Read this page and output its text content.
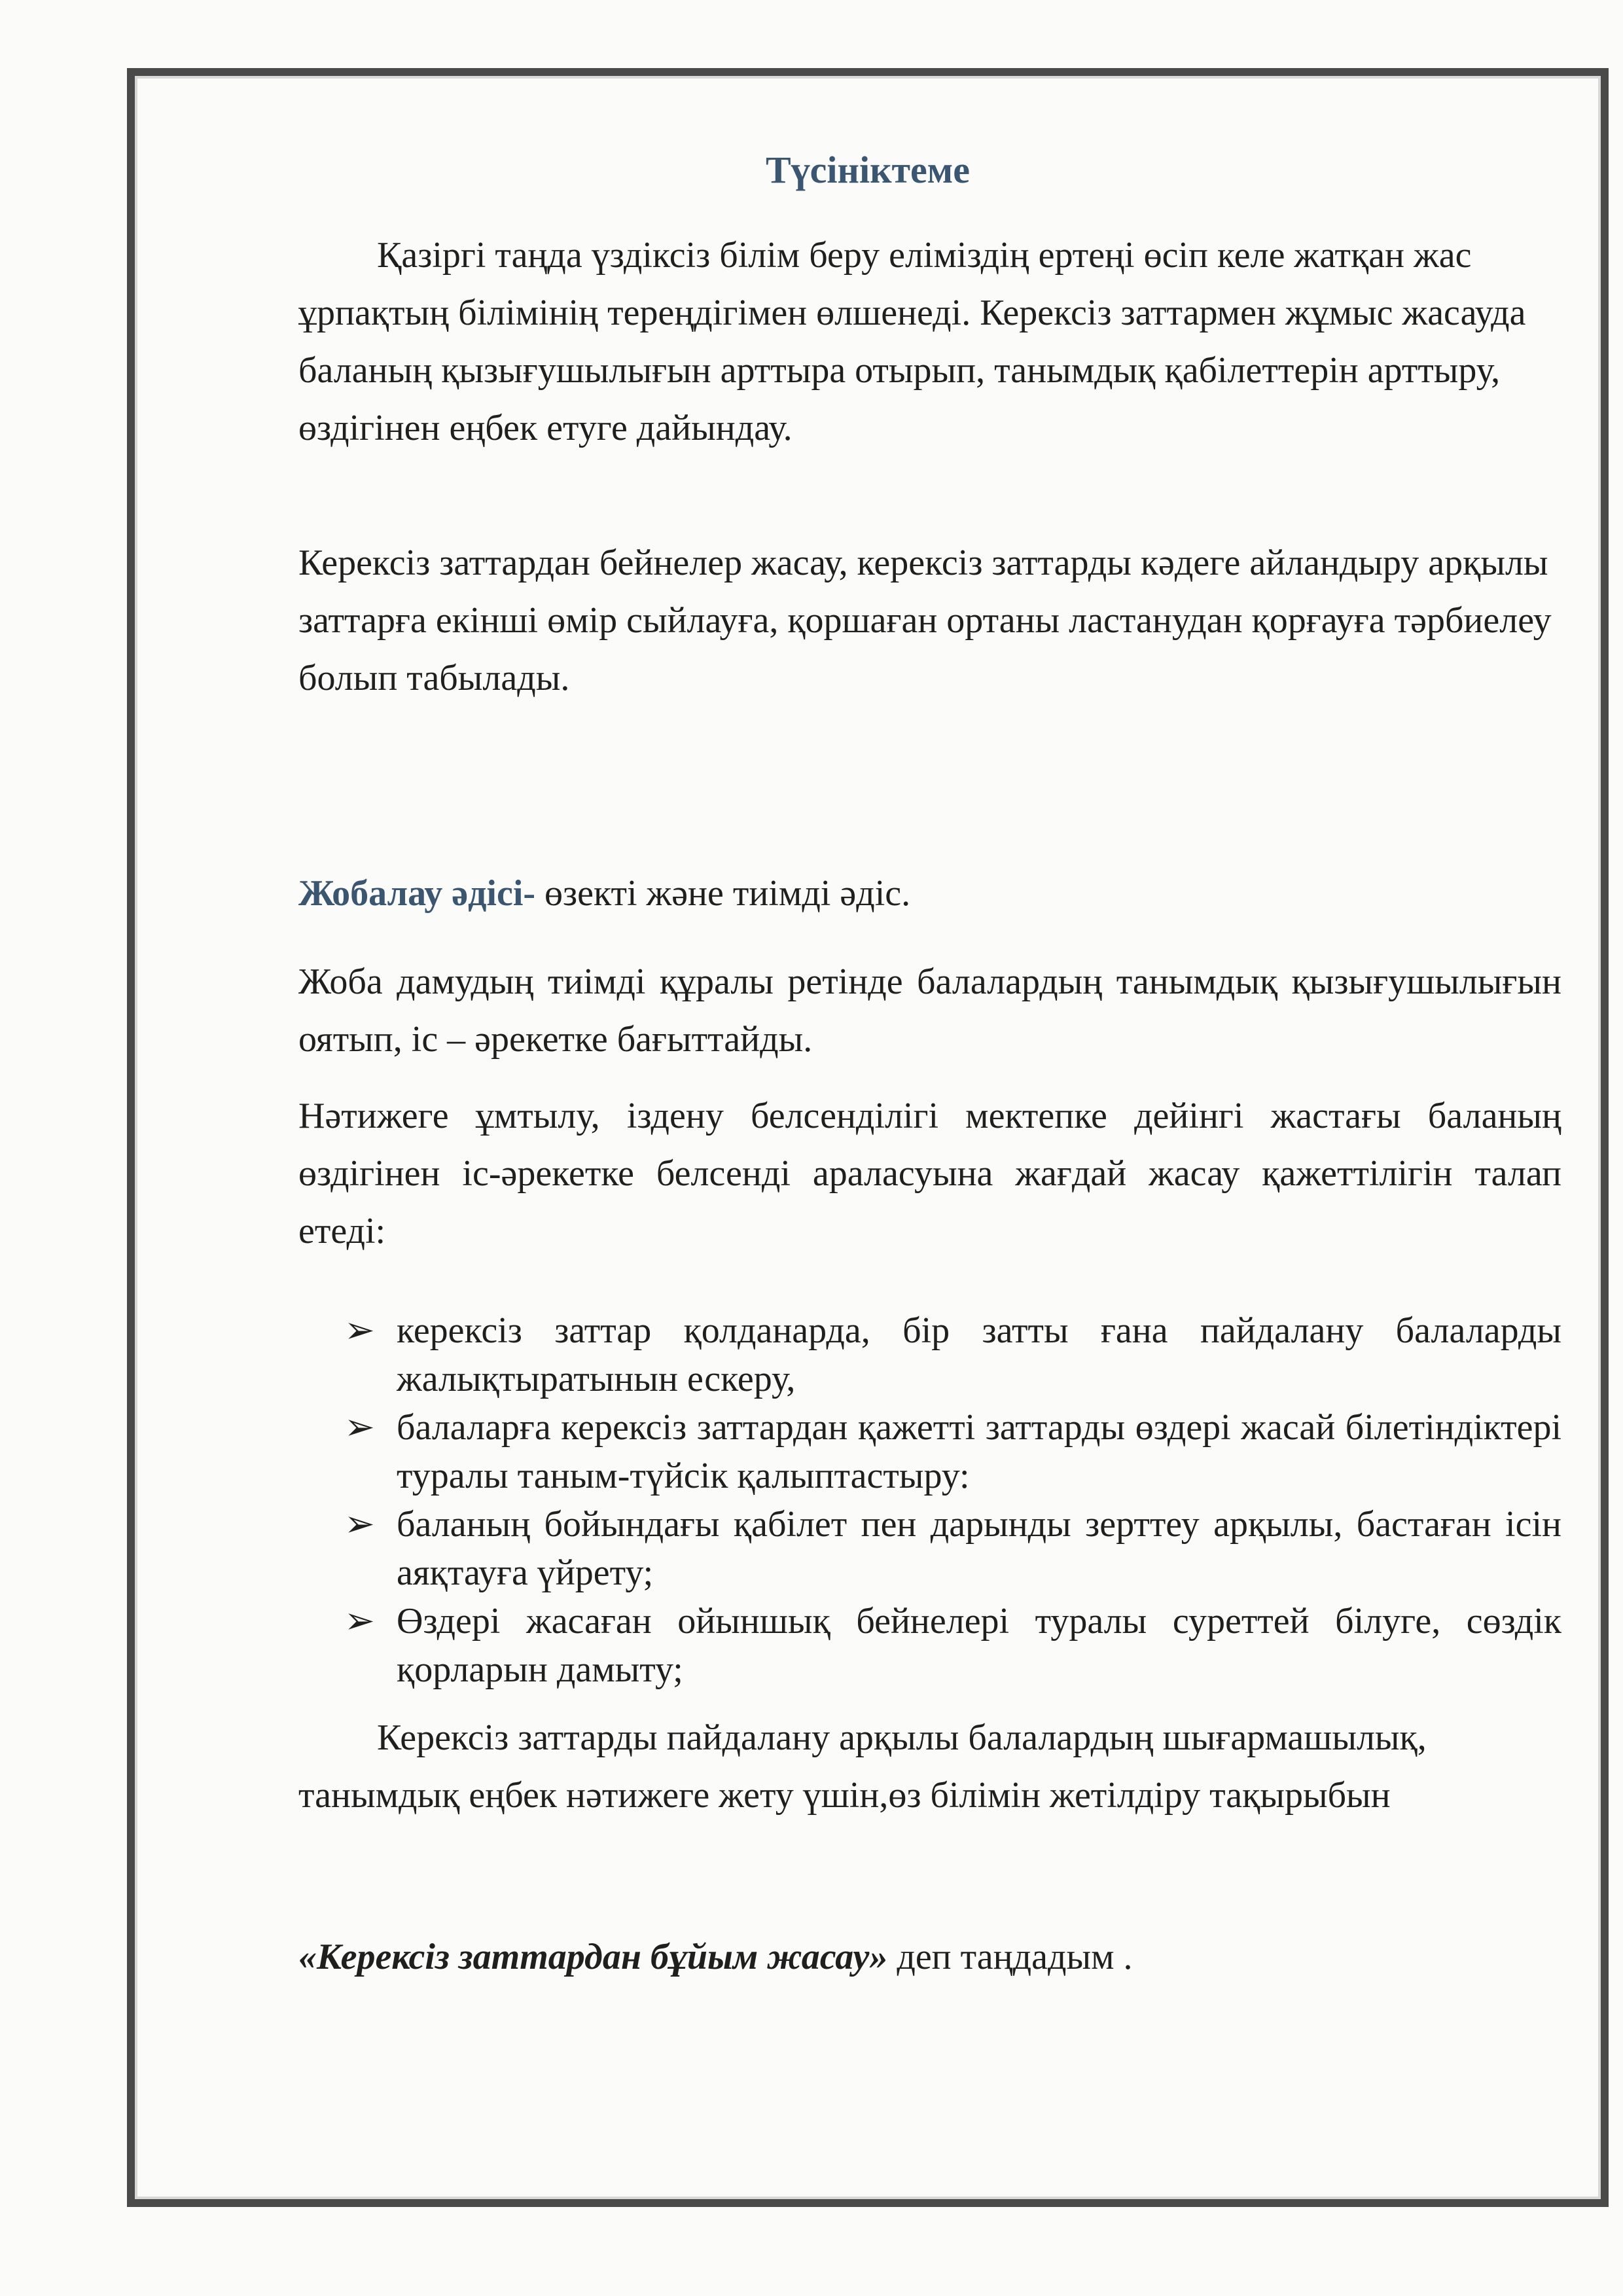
Түсініктеме

Қазіргі таңда үздіксіз білім беру еліміздің ертеңі өсіп келе жатқан жас ұрпақтың білімінің тереңдігімен өлшенеді. Керексіз заттармен жұмыс жасауда баланың қызығушылығын арттыра отырып, танымдық қабілеттерін арттыру, өздігінен еңбек етуге дайындау.

Керексіз заттардан бейнелер жасау, керексіз заттарды кәдеге айландыру арқылы заттарға екінші өмір сыйлауға, қоршаған ортаны ластанудан қорғауға тәрбиелеу болып табылады.

Жобалау әдісі- өзекті және тиімді әдіс.

Жоба дамудың тиімді құралы ретінде балалардың танымдық қызығушылығын оятып, іс – әрекетке бағыттайды.

Нәтижеге ұмтылу, іздену белсенділігі мектепке дейінгі жастағы баланың өздігінен іс-әрекетке белсенді араласуына жағдай жасау қажеттілігін талап етеді:

➢ керексіз заттар қолданарда, бір затты ғана пайдалану балаларды жалықтыратынын ескеру,
➢ балаларға керексіз заттардан қажетті заттарды өздері жасай білетіндіктері туралы таным-түйсік қалыптастыру:
➢ баланың бойындағы қабілет пен дарынды зерттеу арқылы, бастаған ісін аяқтауға үйрету;
➢ Өздері жасаған ойыншық бейнелері туралы суреттей білуге, сөздік қорларын дамыту;

Керексіз заттарды пайдалану арқылы балалардың шығармашылық, танымдық еңбек нәтижеге жету үшін,өз білімін жетілдіру тақырыбын

«Керексіз заттардан бұйым жасау» деп таңдадым .
